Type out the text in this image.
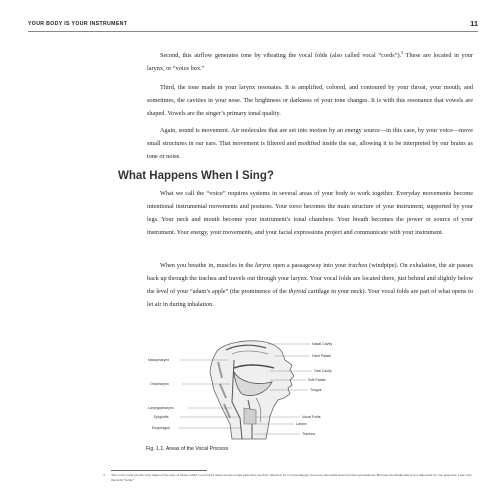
YOUR BODY IS YOUR INSTRUMENT	11

Second, this airflow generates tone by vibrating the vocal folds (also called vocal “cords”).$^3$ These are located in your larynx, or “voice box.”

Third, the tone made in your larynx resonates. It is amplified, colored, and contoured by your throat, your mouth, and sometimes, the cavities in your nose. The brightness or darkness of your tone changes. It is with this resonance that vowels are shaped. Vowels are the singer’s primary tonal quality.

Again, sound is movement. Air molecules that are set into motion by an energy source—in this case, by your voice—move small structures in our ears. That movement is filtered and modified inside the ear, allowing it to be interpreted by our brains as tone or noise.

What Happens When I Sing?

What we call the “voice” requires systems in several areas of your body to work together. Everyday movements become intentional instrumental movements and postures. Your torso becomes the main structure of your instrument, supported by your legs. Your neck and mouth become your instrument’s tonal chambers. Your breath becomes the power or source of your instrument. Your energy, your movements, and your facial expressions project and communicate with your instrument.

When you breathe in, muscles in the larynx open a passageway into your trachea (windpipe). On exhalation, the air passes back up through the trachea and travels out through your larynx. Your vocal folds are located there, just behind and slightly below the level of your “adam’s apple” (the prominence of the thyroid cartilage in your neck). Your vocal folds are part of what opens to let air in during inhalation.

Nasopharynx
Oropharynx
Laryngopharynx
Epiglottis
Esophagus
Nasal Cavity
Hard Palate
Oral Cavity
Soft Palate
Tongue
Vocal Folds
Larynx
Trachea
Fig. 1.1. Areas of the Vocal Process
3 The vocal cords are the very edges of the area of tissue called vocal folds; these are the actual parts that touch in vibration. In vocal pedagogy, however, the terms have become synonymous. Because the distinction is not important for our purposes, I use only the term “folds.”
